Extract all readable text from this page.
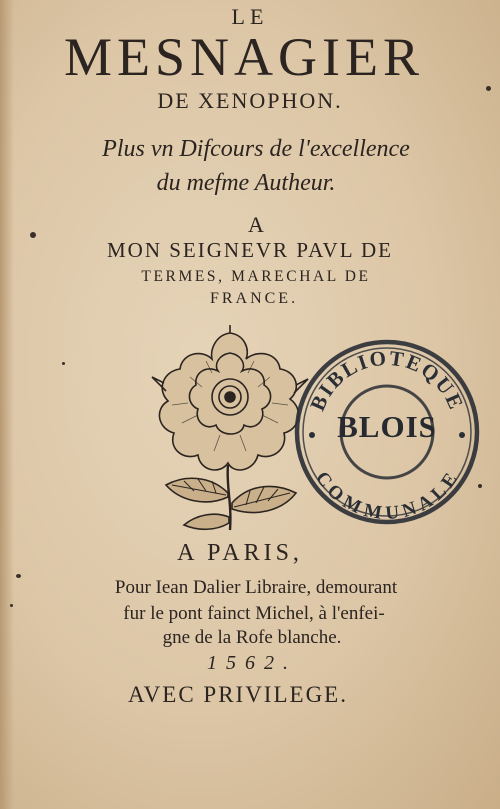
LE

MESNAGIER

DE XENOPHON.

Plus vn Difcours de l'excellence

du mefme Autheur.

A

MON SEIGNEVR PAVL DE

TERMES, MARECHAL DE

FRANCE.

BIBLIOTEQUE
COMMUNALE
BLOIS

A PARIS,

Pour Iean Dalier Libraire, demourant

fur le pont fainct Michel, à l'enfei-

gne de la Rofe blanche.

1562.

AVEC PRIVILEGE.
